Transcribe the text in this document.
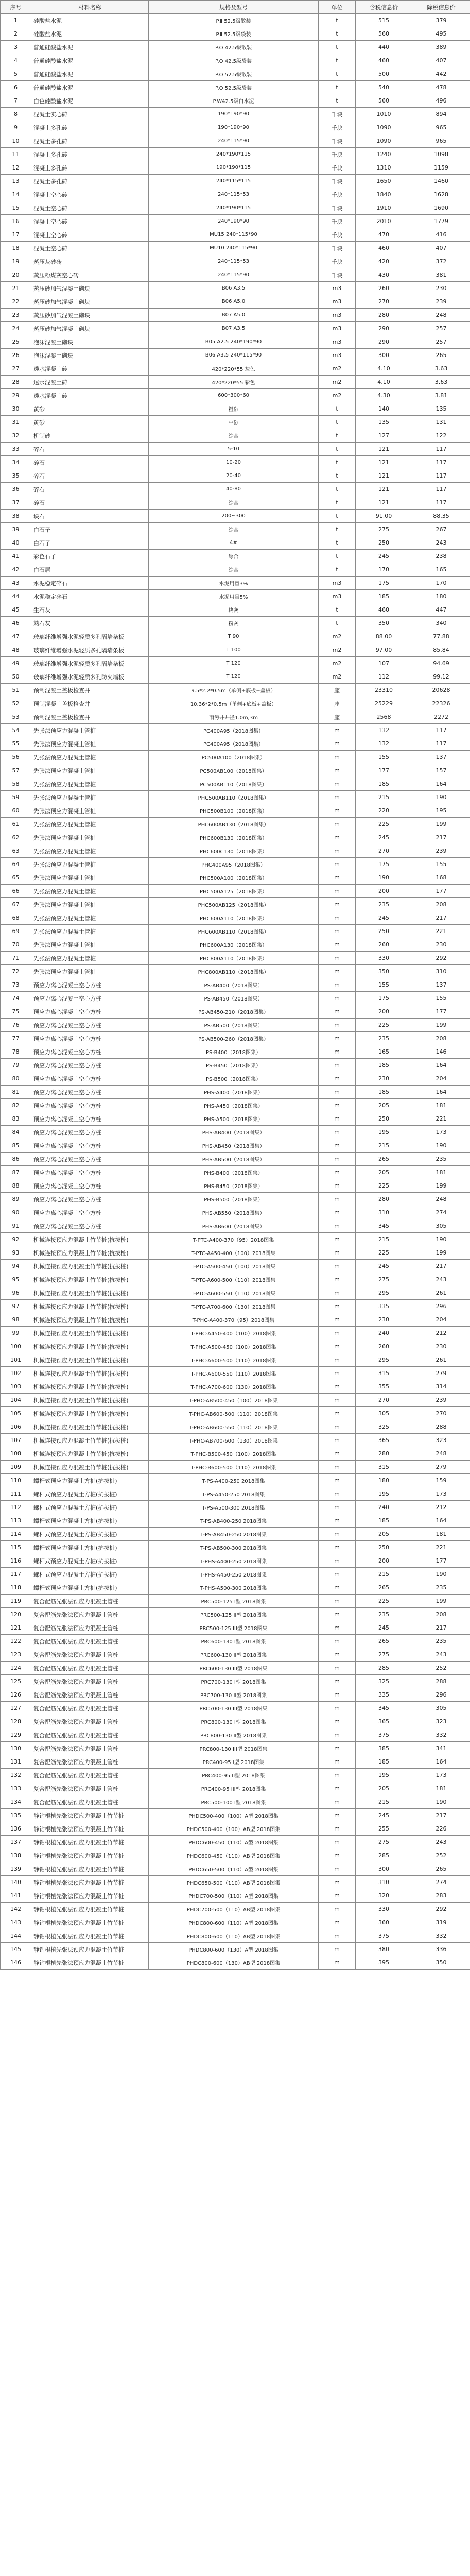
序号	材料名称	规格及型号	单位	含税信息价	除税信息价
1	硅酸盐水泥	P.Ⅱ 52.5级散装	t	515	379
2	硅酸盐水泥	P.Ⅱ 52.5级袋装	t	560	495
3	普通硅酸盐水泥	P.O 42.5级散装	t	440	389
4	普通硅酸盐水泥	P.O 42.5级袋装	t	460	407
5	普通硅酸盐水泥	P.O 52.5级散装	t	500	442
6	普通硅酸盐水泥	P.O 52.5级袋装	t	540	478
7	白色硅酸盐水泥	P.W42.5级白水泥	t	560	496
8	混凝土实心砖	190*190*90	千块	1010	894
9	混凝土多孔砖	190*190*90	千块	1090	965
10	混凝土多孔砖	240*115*90	千块	1090	965
11	混凝土多孔砖	240*190*115	千块	1240	1098
12	混凝土多孔砖	190*190*115	千块	1310	1159
13	混凝土多孔砖	240*115*115	千块	1650	1460
14	混凝土空心砖	240*115*53	千块	1840	1628
15	混凝土空心砖	240*190*115	千块	1910	1690
16	混凝土空心砖	240*190*90	千块	2010	1779
17	混凝土空心砖	MU15 240*115*90	千块	470	416
18	混凝土空心砖	MU10 240*115*90	千块	460	407
19	蒸压灰砂砖	240*115*53	千块	420	372
20	蒸压粉煤灰空心砖	240*115*90	千块	430	381
21	蒸压砂加气混凝土砌块	B06 A3.5	m3	260	230
22	蒸压砂加气混凝土砌块	B06 A5.0	m3	270	239
23	蒸压砂加气混凝土砌块	B07 A5.0	m3	280	248
24	蒸压砂加气混凝土砌块	B07 A3.5	m3	290	257
25	泡沫混凝土砌块	B05 A2.5 240*190*90	m3	290	257
26	泡沫混凝土砌块	B06 A3.5 240*115*90	m3	300	265
27	透水混凝土砖	420*220*55 灰色	m2	4.10	3.63
28	透水混凝土砖	420*220*55 彩色	m2	4.10	3.63
29	透水混凝土砖	600*300*60	m2	4.30	3.81
30	黄砂	粗砂	t	140	135
31	黄砂	中砂	t	135	131
32	机制砂	综合	t	127	122
33	碎石	5-10	t	121	117
34	碎石	10-20	t	121	117
35	碎石	20-40	t	121	117
36	碎石	40-80	t	121	117
37	碎石	综合	t	121	117
38	块石	200~300	t	91.00	88.35
39	白石子	综合	t	275	267
40	白石子	4#	t	250	243
41	彩色石子	综合	t	245	238
42	白石屑	综合	t	170	165
43	水泥稳定碎石	水泥用量3%	m3	175	170
44	水泥稳定碎石	水泥用量5%	m3	185	180
45	生石灰	块灰	t	460	447
46	熟石灰	粉灰	t	350	340
47	玻璃纤维增强水泥轻质多孔隔墙条板	T 90	m2	88.00	77.88
48	玻璃纤维增强水泥轻质多孔隔墙条板	T 100	m2	97.00	85.84
49	玻璃纤维增强水泥轻质多孔隔墙条板	T 120	m2	107	94.69
50	玻璃纤维增强水泥轻质多孔防火墙板	T 120	m2	112	99.12
51	预制混凝土盖板检查井	9.5*2.2*0.5m（单侧+底板+盖板）	座	23310	20628
52	预制混凝土盖板检查井	10.36*2*0.5m（单侧+底板+盖板）	座	25229	22326
53	预制混凝土盖板检查井	雨污井井径1.0m,3m	座	2568	2272
54	先张法预应力混凝土管桩	PC400A95（2018图集）	m	132	117
55	先张法预应力混凝土管桩	PC400A95（2018图集）	m	132	117
56	先张法预应力混凝土管桩	PC500A100（2018图集）	m	155	137
57	先张法预应力混凝土管桩	PC500AB100（2018图集）	m	177	157
58	先张法预应力混凝土管桩	PC500AB110（2018图集）	m	185	164
59	先张法预应力混凝土管桩	PHC500AB110（2018图集）	m	215	190
60	先张法预应力混凝土管桩	PHC500B100（2018图集）	m	220	195
61	先张法预应力混凝土管桩	PHC600AB130（2018图集）	m	225	199
62	先张法预应力混凝土管桩	PHC600B130（2018图集）	m	245	217
63	先张法预应力混凝土管桩	PHC600C130（2018图集）	m	270	239
64	先张法预应力混凝土管桩	PHC400A95（2018图集）	m	175	155
65	先张法预应力混凝土管桩	PHC500A100（2018图集）	m	190	168
66	先张法预应力混凝土管桩	PHC500A125（2018图集）	m	200	177
67	先张法预应力混凝土管桩	PHC500AB125（2018图集）	m	235	208
68	先张法预应力混凝土管桩	PHC600A110（2018图集）	m	245	217
69	先张法预应力混凝土管桩	PHC600AB110（2018图集）	m	250	221
70	先张法预应力混凝土管桩	PHC600A130（2018图集）	m	260	230
71	先张法预应力混凝土管桩	PHC800A110（2018图集）	m	330	292
72	先张法预应力混凝土管桩	PHC800AB110（2018图集）	m	350	310
73	预应力离心混凝土空心方桩	PS-AB400（2018图集）	m	155	137
74	预应力离心混凝土空心方桩	PS-AB450（2018图集）	m	175	155
75	预应力离心混凝土空心方桩	PS-AB450-210（2018图集）	m	200	177
76	预应力离心混凝土空心方桩	PS-AB500（2018图集）	m	225	199
77	预应力离心混凝土空心方桩	PS-AB500-260（2018图集）	m	235	208
78	预应力离心混凝土空心方桩	PS-B400（2018图集）	m	165	146
79	预应力离心混凝土空心方桩	PS-B450（2018图集）	m	185	164
80	预应力离心混凝土空心方桩	PS-B500（2018图集）	m	230	204
81	预应力离心混凝土空心方桩	PHS-A400（2018图集）	m	185	164
82	预应力离心混凝土空心方桩	PHS-A450（2018图集）	m	205	181
83	预应力离心混凝土空心方桩	PHS-A500（2018图集）	m	250	221
84	预应力离心混凝土空心方桩	PHS-AB400（2018图集）	m	195	173
85	预应力离心混凝土空心方桩	PHS-AB450（2018图集）	m	215	190
86	预应力离心混凝土空心方桩	PHS-AB500（2018图集）	m	265	235
87	预应力离心混凝土空心方桩	PHS-B400（2018图集）	m	205	181
88	预应力离心混凝土空心方桩	PHS-B450（2018图集）	m	225	199
89	预应力离心混凝土空心方桩	PHS-B500（2018图集）	m	280	248
90	预应力离心混凝土空心方桩	PHS-AB550（2018图集）	m	310	274
91	预应力离心混凝土空心方桩	PHS-AB600（2018图集）	m	345	305
92	机械连接预应力混凝土竹节桩(抗拔桩)	T-PTC-A400-370（95）2018图集	m	215	190
93	机械连接预应力混凝土竹节桩(抗拔桩)	T-PTC-A450-400（100）2018图集	m	225	199
94	机械连接预应力混凝土竹节桩(抗拔桩)	T-PTC-A500-450（100）2018图集	m	245	217
95	机械连接预应力混凝土竹节桩(抗拔桩)	T-PTC-A600-500（110）2018图集	m	275	243
96	机械连接预应力混凝土竹节桩(抗拔桩)	T-PTC-A600-550（110）2018图集	m	295	261
97	机械连接预应力混凝土竹节桩(抗拔桩)	T-PTC-A700-600（130）2018图集	m	335	296
98	机械连接预应力混凝土竹节桩(抗拔桩)	T-PHC-A400-370（95）2018图集	m	230	204
99	机械连接预应力混凝土竹节桩(抗拔桩)	T-PHC-A450-400（100）2018图集	m	240	212
100	机械连接预应力混凝土竹节桩(抗拔桩)	T-PHC-A500-450（100）2018图集	m	260	230
101	机械连接预应力混凝土竹节桩(抗拔桩)	T-PHC-A600-500（110）2018图集	m	295	261
102	机械连接预应力混凝土竹节桩(抗拔桩)	T-PHC-A600-550（110）2018图集	m	315	279
103	机械连接预应力混凝土竹节桩(抗拔桩)	T-PHC-A700-600（130）2018图集	m	355	314
104	机械连接预应力混凝土竹节桩(抗拔桩)	T-PHC-AB500-450（100）2018图集	m	270	239
105	机械连接预应力混凝土竹节桩(抗拔桩)	T-PHC-AB600-500（110）2018图集	m	305	270
106	机械连接预应力混凝土竹节桩(抗拔桩)	T-PHC-AB600-550（110）2018图集	m	325	288
107	机械连接预应力混凝土竹节桩(抗拔桩)	T-PHC-AB700-600（130）2018图集	m	365	323
108	机械连接预应力混凝土竹节桩(抗拔桩)	T-PHC-B500-450（100）2018图集	m	280	248
109	机械连接预应力混凝土竹节桩(抗拔桩)	T-PHC-B600-500（110）2018图集	m	315	279
110	螺杆式预应力混凝土方桩(抗拔桩)	T-PS-A400-250 2018图集	m	180	159
111	螺杆式预应力混凝土方桩(抗拔桩)	T-PS-A450-250 2018图集	m	195	173
112	螺杆式预应力混凝土方桩(抗拔桩)	T-PS-A500-300 2018图集	m	240	212
113	螺杆式预应力混凝土方桩(抗拔桩)	T-PS-AB400-250 2018图集	m	185	164
114	螺杆式预应力混凝土方桩(抗拔桩)	T-PS-AB450-250 2018图集	m	205	181
115	螺杆式预应力混凝土方桩(抗拔桩)	T-PS-AB500-300 2018图集	m	250	221
116	螺杆式预应力混凝土方桩(抗拔桩)	T-PHS-A400-250 2018图集	m	200	177
117	螺杆式预应力混凝土方桩(抗拔桩)	T-PHS-A450-250 2018图集	m	215	190
118	螺杆式预应力混凝土方桩(抗拔桩)	T-PHS-A500-300 2018图集	m	265	235
119	复合配筋先张法预应力混凝土管桩	PRC500-125 I型 2018图集	m	225	199
120	复合配筋先张法预应力混凝土管桩	PRC500-125 II型 2018图集	m	235	208
121	复合配筋先张法预应力混凝土管桩	PRC500-125 III型 2018图集	m	245	217
122	复合配筋先张法预应力混凝土管桩	PRC600-130 I型 2018图集	m	265	235
123	复合配筋先张法预应力混凝土管桩	PRC600-130 II型 2018图集	m	275	243
124	复合配筋先张法预应力混凝土管桩	PRC600-130 III型 2018图集	m	285	252
125	复合配筋先张法预应力混凝土管桩	PRC700-130 I型 2018图集	m	325	288
126	复合配筋先张法预应力混凝土管桩	PRC700-130 II型 2018图集	m	335	296
127	复合配筋先张法预应力混凝土管桩	PRC700-130 III型 2018图集	m	345	305
128	复合配筋先张法预应力混凝土管桩	PRC800-130 I型 2018图集	m	365	323
129	复合配筋先张法预应力混凝土管桩	PRC800-130 II型 2018图集	m	375	332
130	复合配筋先张法预应力混凝土管桩	PRC800-130 III型 2018图集	m	385	341
131	复合配筋先张法预应力混凝土管桩	PRC400-95 I型 2018图集	m	185	164
132	复合配筋先张法预应力混凝土管桩	PRC400-95 II型 2018图集	m	195	173
133	复合配筋先张法预应力混凝土管桩	PRC400-95 III型 2018图集	m	205	181
134	复合配筋先张法预应力混凝土管桩	PRC500-100 I型 2018图集	m	215	190
135	静钻根植先张法预应力混凝土竹节桩	PHDC500-400（100）A型 2018图集	m	245	217
136	静钻根植先张法预应力混凝土竹节桩	PHDC500-400（100）AB型 2018图集	m	255	226
137	静钻根植先张法预应力混凝土竹节桩	PHDC600-450（110）A型 2018图集	m	275	243
138	静钻根植先张法预应力混凝土竹节桩	PHDC600-450（110）AB型 2018图集	m	285	252
139	静钻根植先张法预应力混凝土竹节桩	PHDC650-500（110）A型 2018图集	m	300	265
140	静钻根植先张法预应力混凝土竹节桩	PHDC650-500（110）AB型 2018图集	m	310	274
141	静钻根植先张法预应力混凝土竹节桩	PHDC700-500（110）A型 2018图集	m	320	283
142	静钻根植先张法预应力混凝土竹节桩	PHDC700-500（110）AB型 2018图集	m	330	292
143	静钻根植先张法预应力混凝土竹节桩	PHDC800-600（110）A型 2018图集	m	360	319
144	静钻根植先张法预应力混凝土竹节桩	PHDC800-600（110）AB型 2018图集	m	375	332
145	静钻根植先张法预应力混凝土竹节桩	PHDC800-600（130）A型 2018图集	m	380	336
146	静钻根植先张法预应力混凝土竹节桩	PHDC800-600（130）AB型 2018图集	m	395	350
